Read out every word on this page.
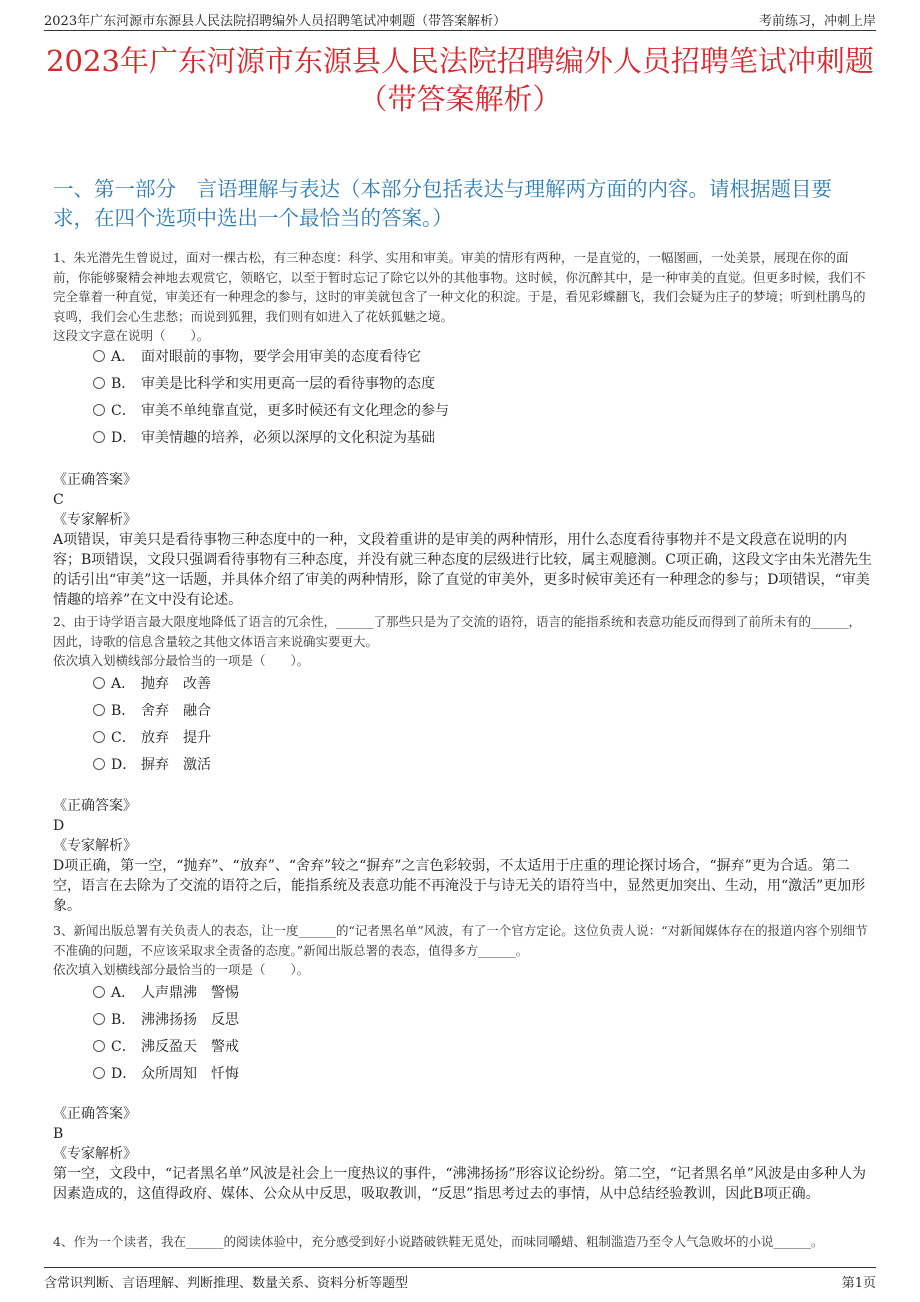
2023年广东河源市东源县人民法院招聘编外人员招聘笔试冲刺题（带答案解析）	考前练习，冲刺上岸
2023年广东河源市东源县人民法院招聘编外人员招聘笔试冲刺题（带答案解析）
一、第一部分　言语理解与表达（本部分包括表达与理解两方面的内容。请根据题目要求，在四个选项中选出一个最恰当的答案。）
1、朱光潜先生曾说过，面对一棵古松，有三种态度：科学、实用和审美。审美的情形有两种，一是直觉的，一幅图画，一处美景，展现在你的面前，你能够聚精会神地去观赏它，领略它，以至于暂时忘记了除它以外的其他事物。这时候，你沉醉其中，是一种审美的直觉。但更多时候，我们不完全靠着一种直觉，审美还有一种理念的参与，这时的审美就包含了一种文化的积淀。于是，看见彩蝶翻飞，我们会疑为庄子的梦境；听到杜鹃鸟的哀鸣，我们会心生悲愁；而说到狐狸，我们则有如进入了花妖狐魅之境。
这段文字意在说明（　　）。
A． 面对眼前的事物，要学会用审美的态度看待它
B． 审美是比科学和实用更高一层的看待事物的态度
C． 审美不单纯靠直觉，更多时候还有文化理念的参与
D． 审美情趣的培养，必须以深厚的文化积淀为基础

《正确答案》

C

《专家解析》

A项错误，审美只是看待事物三种态度中的一种，文段着重讲的是审美的两种情形，用什么态度看待事物并不是文段意在说明的内容；B项错误，文段只强调看待事物有三种态度，并没有就三种态度的层级进行比较，属主观臆测。C项正确，这段文字由朱光潜先生的话引出“审美”这一话题，并具体介绍了审美的两种情形，除了直觉的审美外，更多时候审美还有一种理念的参与；D项错误，“审美情趣的培养”在文中没有论述。

2、由于诗学语言最大限度地降低了语言的冗余性，______了那些只是为了交流的语符，语言的能指系统和表意功能反而得到了前所未有的______，因此，诗歌的信息含量较之其他文体语言来说确实要更大。
依次填入划横线部分最恰当的一项是（　　）。
A． 抛弃　改善
B． 舍弃　融合
C． 放弃　提升
D． 摒弃　激活

《正确答案》

D

《专家解析》

D项正确，第一空，“抛弃”、“放弃”、“舍弃”较之“摒弃”之言色彩较弱，不太适用于庄重的理论探讨场合，“摒弃”更为合适。第二空，语言在去除为了交流的语符之后，能指系统及表意功能不再淹没于与诗无关的语符当中，显然更加突出、生动，用“激活”更加形象。

3、新闻出版总署有关负责人的表态，让一度______的“记者黑名单”风波，有了一个官方定论。这位负责人说：“对新闻媒体存在的报道内容个别细节不准确的问题，不应该采取求全责备的态度。”新闻出版总署的表态，值得多方______。
依次填入划横线部分最恰当的一项是（　　）。
A． 人声鼎沸　警惕
B． 沸沸扬扬　反思
C． 沸反盈天　警戒
D． 众所周知　忏悔

《正确答案》

B

《专家解析》

第一空，文段中，“记者黑名单”风波是社会上一度热议的事件，“沸沸扬扬”形容议论纷纷。第二空，“记者黑名单”风波是由多种人为因素造成的，这值得政府、媒体、公众从中反思，吸取教训，“反思”指思考过去的事情，从中总结经验教训，因此B项正确。

4、作为一个读者，我在______的阅读体验中，充分感受到好小说踏破铁鞋无觅处，而味同嚼蜡、粗制滥造乃至令人气急败坏的小说______。
含常识判断、言语理解、判断推理、数量关系、资料分析等题型	第1页
